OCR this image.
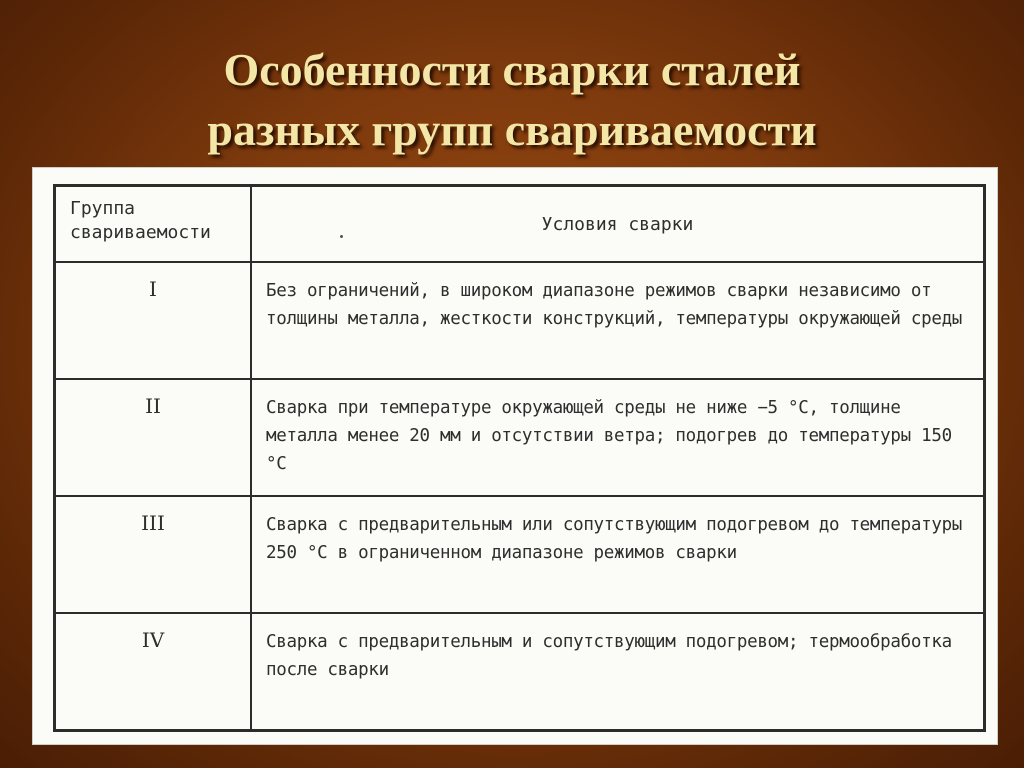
Особенности сварки сталей
разных групп свариваемости
Группа
свариваемости	Условия сварки

I	Без ограничений, в широком диапазоне режимов сварки независимо от толщины металла, жесткости конструкций, температуры окружающей среды
II	Сварка при температуре окружающей среды не ниже −5 °С, толщине металла менее 20 мм и отсутствии ветра; подогрев до температуры 150 °С
III	Сварка с предварительным или сопутствующим подогревом до температуры 250 °С в ограниченном диапазоне режимов сварки
IV	Сварка с предварительным и сопутствующим подогревом; термообработка после сварки
